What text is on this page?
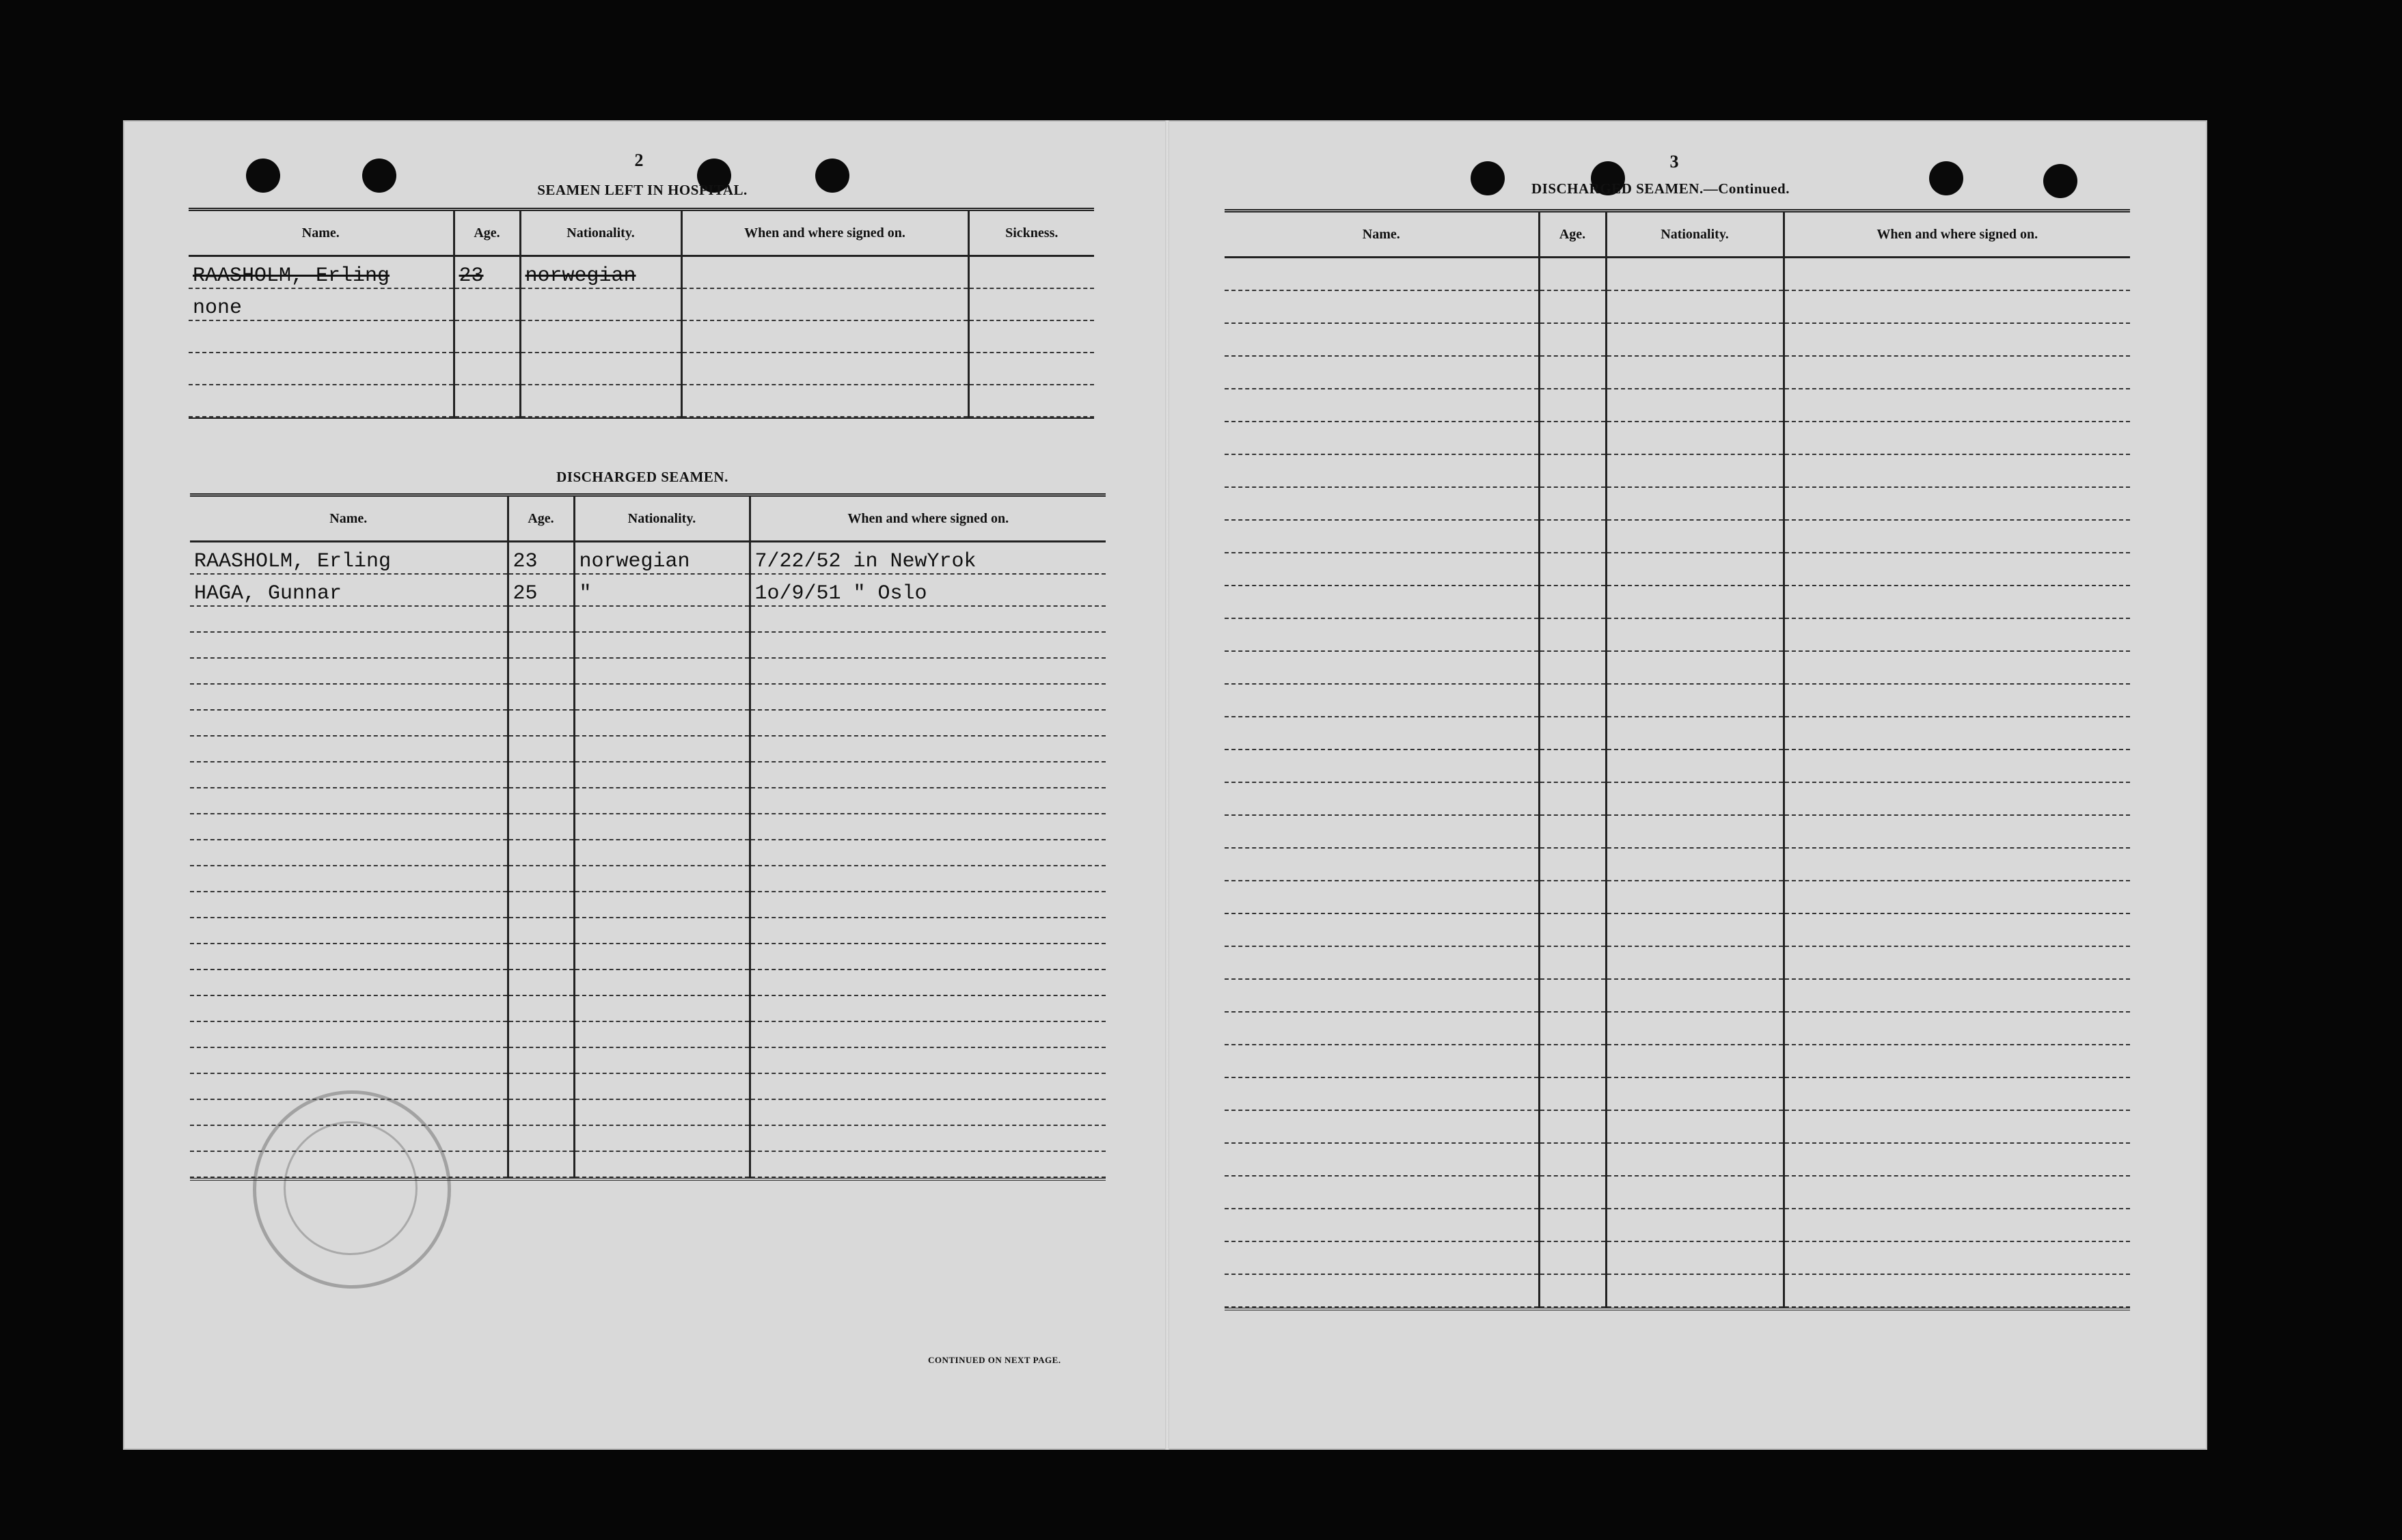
2
SEAMEN LEFT IN HOSPITAL.
Name.	Age.	Nationality.	When and where signed on.	Sickness.
RAASHOLM, Erling	23	norwegian		
none				

DISCHARGED SEAMEN.
Name.	Age.	Nationality.	When and where signed on.
RAASHOLM, Erling	23	norwegian	7/22/52 in NewYrok
HAGA, Gunnar	25	"	1o/9/51 " Oslo

CONTINUED ON NEXT PAGE.
3
DISCHARGED SEAMEN.—Continued.
Name.	Age.	Nationality.	When and where signed on.
